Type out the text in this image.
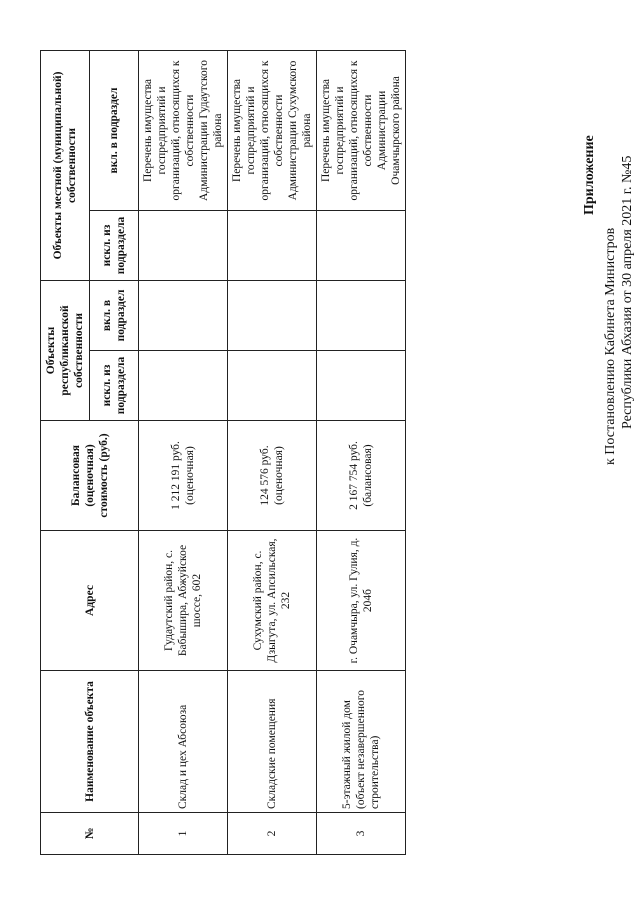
Приложение
к Постановлению Кабинета Министров Республики Абхазия от 30 апреля 2021 г. №45
№	Наименование объекта	Адрес	Балансовая (оценочная) стоимость (руб.)	Объекты республиканской собственности		Объекты местной (муниципальной) собственности	
				искл. из подраздела	вкл. в подраздел	искл. из подраздела	вкл. в подраздел
1	Склад и цех Абсоюза	Гудаутский район, с. Бабышира, Абжуйское шоссе, 602	1 212 191 руб. (оценочная)				Перечень имущества госпредприятий и организаций, относящихся к собственности Администрации Гудаутского района
2	Складские помещения	Сухумский район, с. Дзыгута, ул. Апсильская, 232	124 576 руб. (оценочная)				Перечень имущества госпредприятий и организаций, относящихся к собственности Администрации Сухумского района
3	5-этажный жилой дом (объект незавершенного строительства)	г. Очамчыра, ул. Гулия, д. 204б	2 167 754 руб. (балансовая)				Перечень имущества госпредприятий и организаций, относящихся к собственности Администрации Очамчырского района
